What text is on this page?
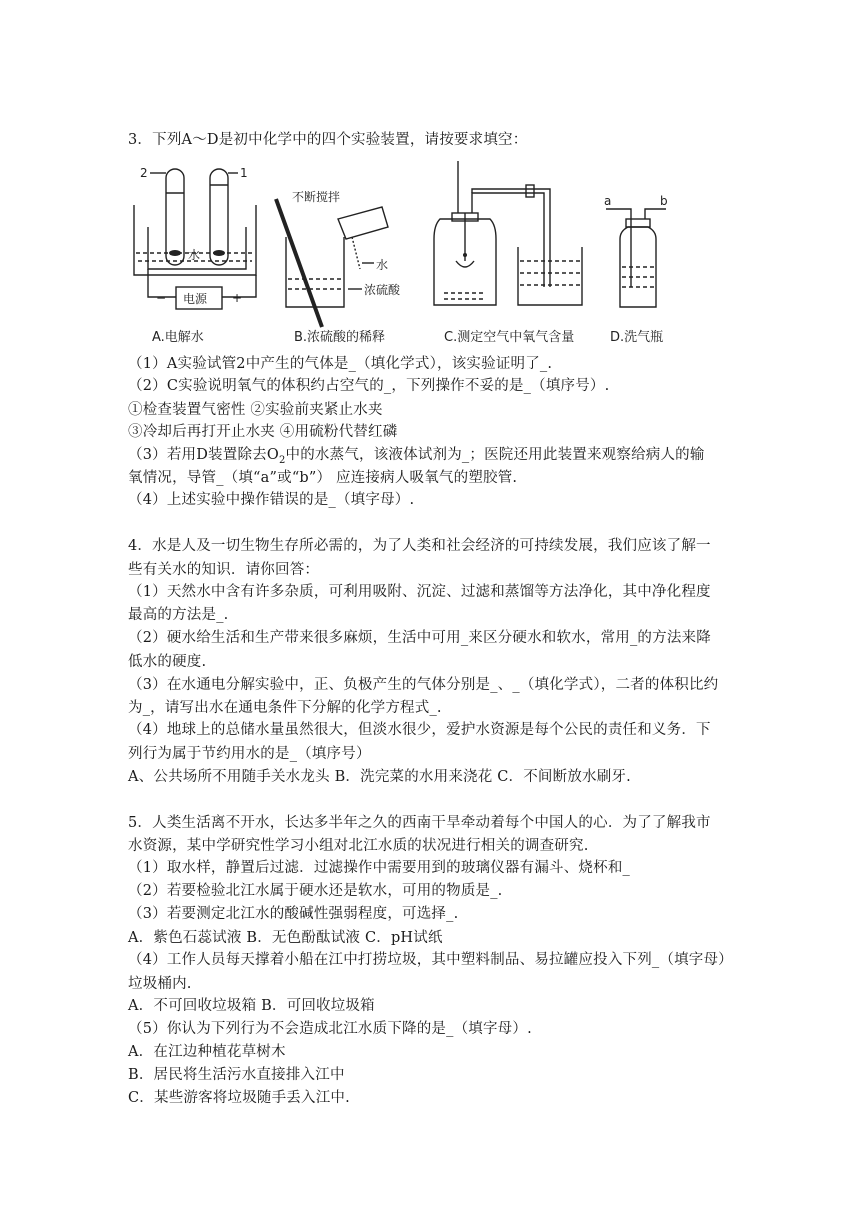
3．下列A～D是初中化学中的四个实验装置，请按要求填空：
2	1
水
电源
−	+
A.电解水
不断搅拌
水
浓硫酸
B.浓硫酸的稀释	C.测定空气中氧气含量
a	b
D.洗气瓶
（1）A实验试管2中产生的气体是_（填化学式），该实验证明了_.
（2）C实验说明氧气的体积约占空气的_，下列操作不妥的是_（填序号）.
①检查装置气密性 ②实验前夹紧止水夹
③冷却后再打开止水夹 ④用硫粉代替红磷
（3）若用D装置除去$O_2$中的水蒸气，该液体试剂为_；医院还用此装置来观察给病人的输
氧情况，导管_（填“a”或“b”） 应连接病人吸氧气的塑胶管.
（4）上述实验中操作错误的是_（填字母）.
4．水是人及一切生物生存所必需的，为了人类和社会经济的可持续发展，我们应该了解一
些有关水的知识．请你回答：
（1）天然水中含有许多杂质，可利用吸附、沉淀、过滤和蒸馏等方法净化，其中净化程度
最高的方法是_.
（2）硬水给生活和生产带来很多麻烦，生活中可用_来区分硬水和软水，常用_的方法来降
低水的硬度.
（3）在水通电分解实验中，正、负极产生的气体分别是_、_（填化学式），二者的体积比约
为_，请写出水在通电条件下分解的化学方程式_.
（4）地球上的总储水量虽然很大，但淡水很少，爱护水资源是每个公民的责任和义务．下
列行为属于节约用水的是_（填序号）
A、公共场所不用随手关水龙头 B．洗完菜的水用来浇花 C．不间断放水刷牙.
5．人类生活离不开水，长达多半年之久的西南干旱牵动着每个中国人的心．为了了解我市
水资源，某中学研究性学习小组对北江水质的状况进行相关的调查研究.
（1）取水样，静置后过滤．过滤操作中需要用到的玻璃仪器有漏斗、烧杯和_
（2）若要检验北江水属于硬水还是软水，可用的物质是_.
（3）若要测定北江水的酸碱性强弱程度，可选择_.
A．紫色石蕊试液 B．无色酚酞试液 C．pH试纸
（4）工作人员每天撑着小船在江中打捞垃圾，其中塑料制品、易拉罐应投入下列_（填字母）
垃圾桶内.
A．不可回收垃圾箱 B．可回收垃圾箱
（5）你认为下列行为不会造成北江水质下降的是_（填字母）.
A．在江边种植花草树木
B．居民将生活污水直接排入江中
C．某些游客将垃圾随手丢入江中.
